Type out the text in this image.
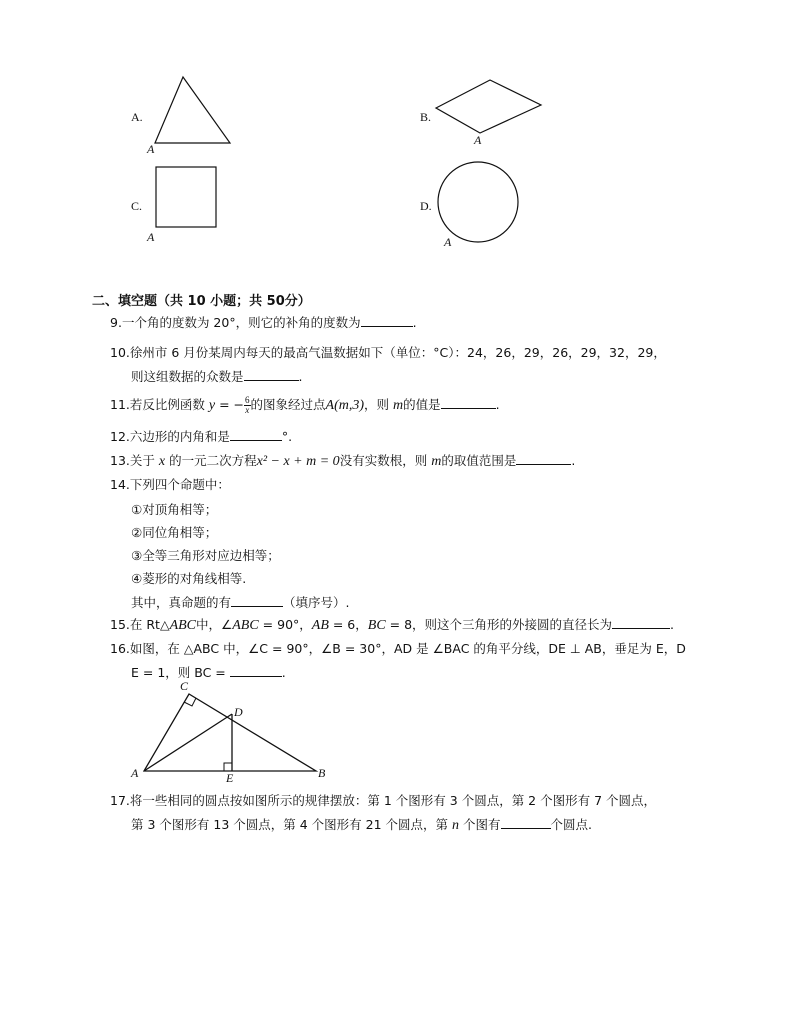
A.
A
B.
A
C.
A
D.
A
二、填空题（共 10 小题；共 50分）
9.一个角的度数为 20°，则它的补角的度数为	.
10.徐州市 6 月份某周内每天的最高气温数据如下（单位：°C）：24，26，29，26，29，32，29，
则这组数据的众数是	.
11.若反比例函数 y = − $\frac{6}{x}$ 的图象经过点A(m,3)，则 m的值是	.
12.六边形的内角和是	°.
13.关于 x 的一元二次方程x² − x + m = 0没有实数根，则 m的取值范围是	.
14.下列四个命题中：
①对顶角相等；
②同位角相等；
③全等三角形对应边相等；
④菱形的对角线相等.
其中，真命题的有	（填序号）.
15.在 Rt△ABC中，∠ABC = 90°，AB = 6，BC = 8，则这个三角形的外接圆的直径长为	.
16.如图，在 △ABC 中，∠C = 90°，∠B = 30°，AD 是 ∠BAC 的角平分线，DE ⊥ AB，垂足为 E，D
E = 1，则 BC =	.
C
D
A	E	B
17.将一些相同的圆点按如图所示的规律摆放：第 1 个图形有 3 个圆点，第 2 个图形有 7 个圆点，
第 3 个图形有 13 个圆点，第 4 个图形有 21 个圆点，第 n 个图有	个圆点.
